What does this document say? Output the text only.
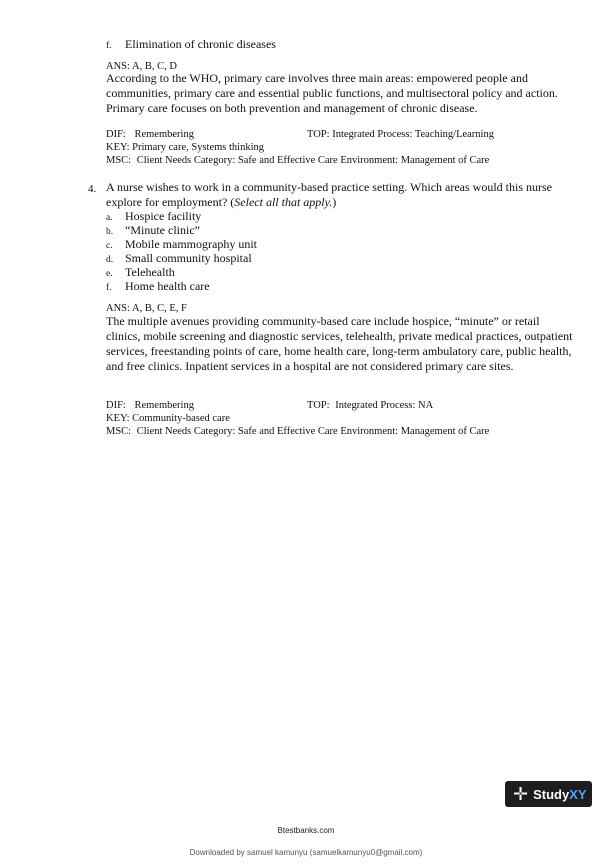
f. Elimination of chronic diseases
ANS: A, B, C, D
According to the WHO, primary care involves three main areas: empowered people and communities, primary care and essential public functions, and multisectoral policy and action. Primary care focuses on both prevention and management of chronic disease.
DIF: Remembering	TOP: Integrated Process: Teaching/Learning
KEY: Primary care, Systems thinking
MSC: Client Needs Category: Safe and Effective Care Environment: Management of Care
4. A nurse wishes to work in a community-based practice setting. Which areas would this nurse
explore for employment? (Select all that apply.)
a. Hospice facility
b. “Minute clinic”
c. Mobile mammography unit
d. Small community hospital
e. Telehealth
f. Home health care
ANS: A, B, C, E, F
The multiple avenues providing community-based care include hospice, “minute” or retail clinics, mobile screening and diagnostic services, telehealth, private medical practices, outpatient services, freestanding points of care, home health care, long-term ambulatory care, public health, and free clinics. Inpatient services in a hospital are not considered primary care sites.
DIF: Remembering	TOP: Integrated Process: NA
KEY: Community-based care
MSC: Client Needs Category: Safe and Effective Care Environment: Management of Care
✛ Study XY
Btestbanks.com
Downloaded by samuel kamunyu (samuelkamunyu0@gmail.com)
